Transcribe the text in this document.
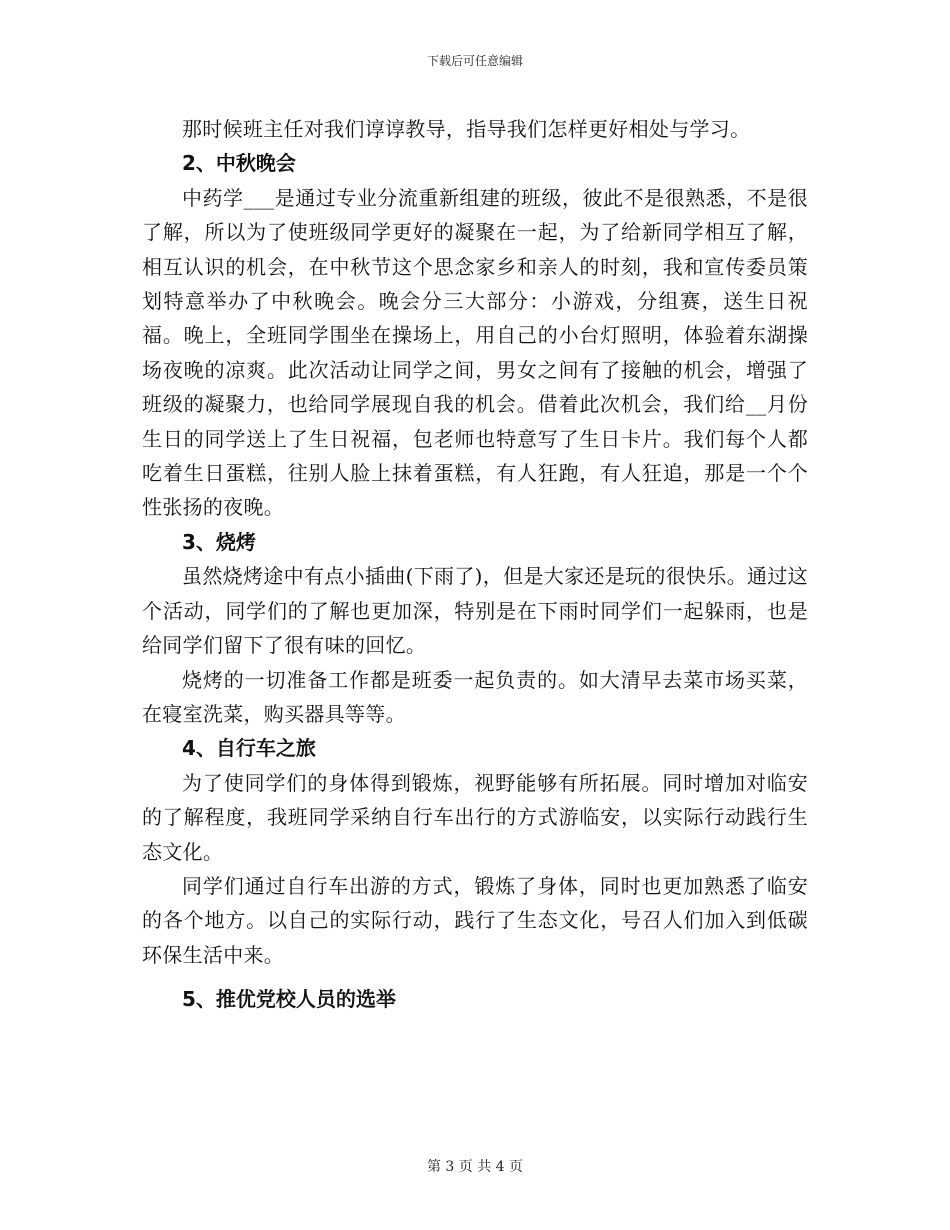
下载后可任意编辑

那时候班主任对我们谆谆教导，指导我们怎样更好相处与学习。

2、中秋晚会

中药学___是通过专业分流重新组建的班级，彼此不是很熟悉，不是很了解，所以为了使班级同学更好的凝聚在一起，为了给新同学相互了解，相互认识的机会，在中秋节这个思念家乡和亲人的时刻，我和宣传委员策划特意举办了中秋晚会。晚会分三大部分：小游戏，分组赛，送生日祝福。晚上，全班同学围坐在操场上，用自己的小台灯照明，体验着东湖操场夜晚的凉爽。此次活动让同学之间，男女之间有了接触的机会，增强了班级的凝聚力，也给同学展现自我的机会。借着此次机会，我们给__月份生日的同学送上了生日祝福，包老师也特意写了生日卡片。我们每个人都吃着生日蛋糕，往别人脸上抹着蛋糕，有人狂跑，有人狂追，那是一个个性张扬的夜晚。

3、烧烤

虽然烧烤途中有点小插曲(下雨了)，但是大家还是玩的很快乐。通过这个活动，同学们的了解也更加深，特别是在下雨时同学们一起躲雨，也是给同学们留下了很有味的回忆。

烧烤的一切准备工作都是班委一起负责的。如大清早去菜市场买菜，在寝室洗菜，购买器具等等。

4、自行车之旅

为了使同学们的身体得到锻炼，视野能够有所拓展。同时增加对临安的了解程度，我班同学采纳自行车出行的方式游临安，以实际行动践行生态文化。

同学们通过自行车出游的方式，锻炼了身体，同时也更加熟悉了临安的各个地方。以自己的实际行动，践行了生态文化，号召人们加入到低碳环保生活中来。

5、推优党校人员的选举

第 3 页 共 4 页
